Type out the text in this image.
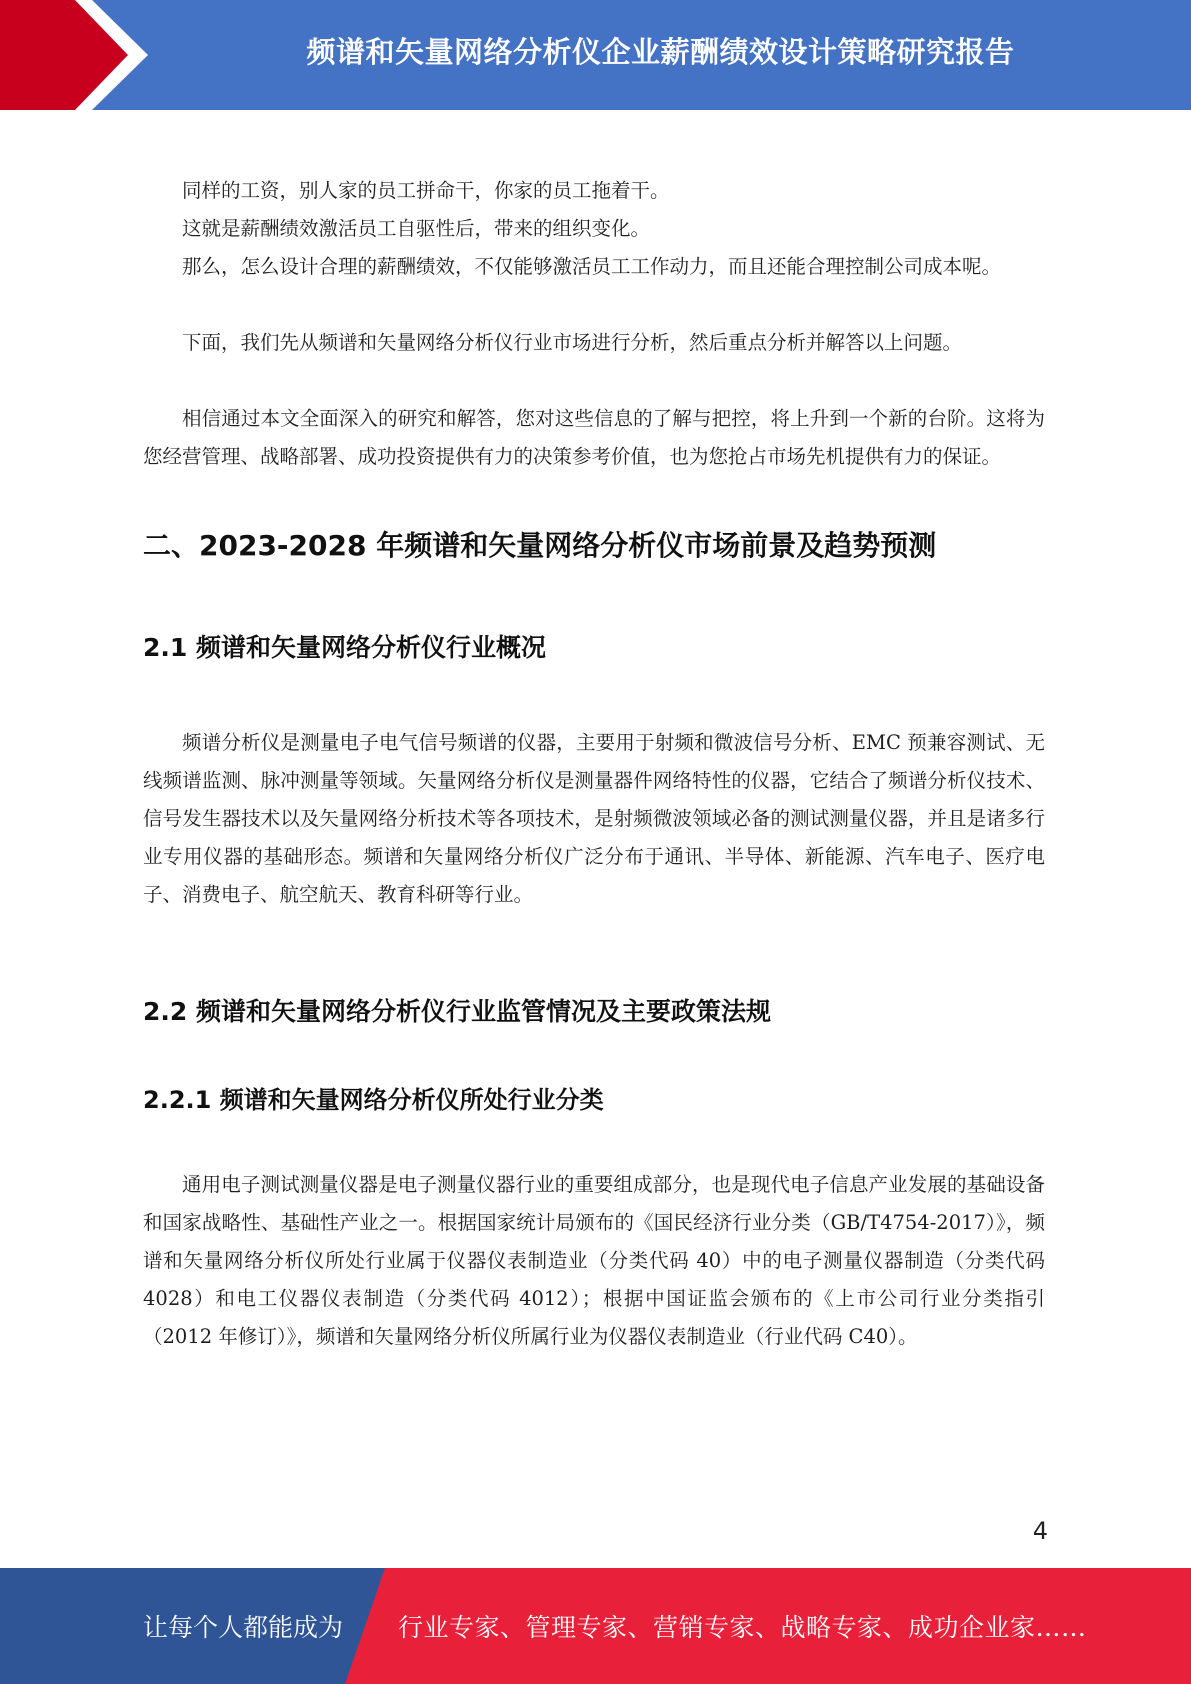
频谱和矢量网络分析仪企业薪酬绩效设计策略研究报告

同样的工资，别人家的员工拼命干，你家的员工拖着干。

这就是薪酬绩效激活员工自驱性后，带来的组织变化。

那么，怎么设计合理的薪酬绩效，不仅能够激活员工工作动力，而且还能合理控制公司成本呢。

下面，我们先从频谱和矢量网络分析仪行业市场进行分析，然后重点分析并解答以上问题。

相信通过本文全面深入的研究和解答，您对这些信息的了解与把控，将上升到一个新的台阶。这将为您经营管理、战略部署、成功投资提供有力的决策参考价值，也为您抢占市场先机提供有力的保证。

二、2023-2028 年频谱和矢量网络分析仪市场前景及趋势预测
2.1 频谱和矢量网络分析仪行业概况

频谱分析仪是测量电子电气信号频谱的仪器，主要用于射频和微波信号分析、EMC 预兼容测试、无线频谱监测、脉冲测量等领域。矢量网络分析仪是测量器件网络特性的仪器，它结合了频谱分析仪技术、信号发生器技术以及矢量网络分析技术等各项技术，是射频微波领域必备的测试测量仪器，并且是诸多行业专用仪器的基础形态。频谱和矢量网络分析仪广泛分布于通讯、半导体、新能源、汽车电子、医疗电子、消费电子、航空航天、教育科研等行业。

2.2 频谱和矢量网络分析仪行业监管情况及主要政策法规
2.2.1 频谱和矢量网络分析仪所处行业分类

通用电子测试测量仪器是电子测量仪器行业的重要组成部分，也是现代电子信息产业发展的基础设备和国家战略性、基础性产业之一。根据国家统计局颁布的《国民经济行业分类（GB/T4754-2017）》，频谱和矢量网络分析仪所处行业属于仪器仪表制造业（分类代码 40）中的电子测量仪器制造（分类代码 4028）和电工仪器仪表制造（分类代码 4012）；根据中国证监会颁布的《上市公司行业分类指引（2012 年修订）》，频谱和矢量网络分析仪所属行业为仪器仪表制造业（行业代码 C40）。

4
让每个人都能成为 行业专家、管理专家、营销专家、战略专家、成功企业家……
